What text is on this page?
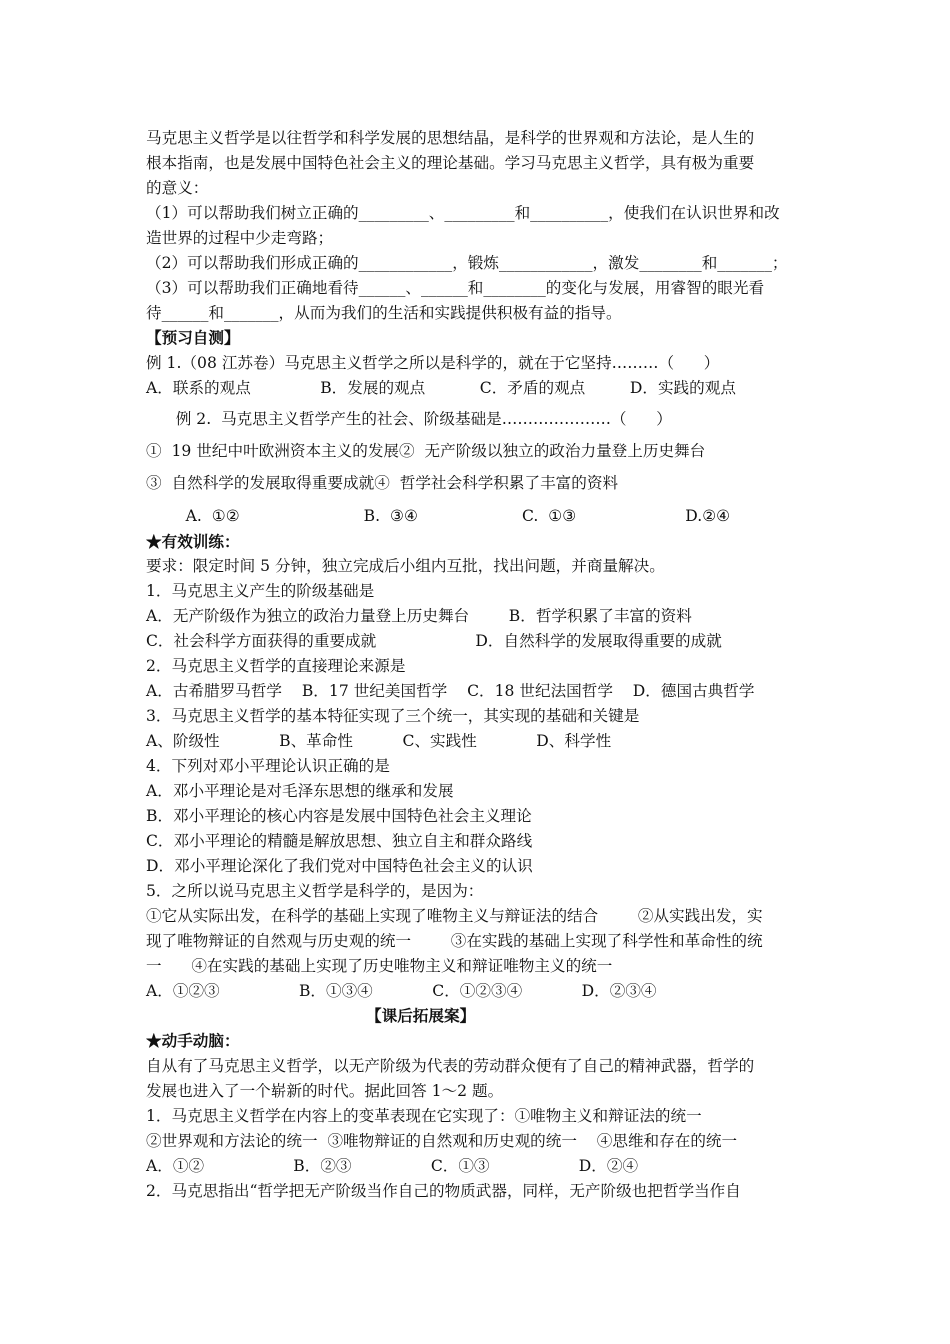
马克思主义哲学是以往哲学和科学发展的思想结晶，是科学的世界观和方法论，是人生的
根本指南，也是发展中国特色社会主义的理论基础。学习马克思主义哲学，具有极为重要
的意义：
（1）可以帮助我们树立正确的_________、_________和__________，使我们在认识世界和改
造世界的过程中少走弯路；
（2）可以帮助我们形成正确的____________，锻炼____________，激发________和_______；
（3）可以帮助我们正确地看待______、______和________的变化与发展，用睿智的眼光看
待______和_______，从而为我们的生活和实践提供积极有益的指导。
【预习自测】
例 1.（08 江苏卷）马克思主义哲学之所以是科学的，就在于它坚持………（      ）
A．联系的观点              B．发展的观点           C．矛盾的观点         D．实践的观点
例 2.  马克思主义哲学产生的社会、阶级基础是…………………（      ）
①  19 世纪中叶欧洲资本主义的发展②  无产阶级以独立的政治力量登上历史舞台
③  自然科学的发展取得重要成就④  哲学社会科学积累了丰富的资料
A.  ①②                         B.  ③④                     C.  ①③                      D.②④
★有效训练：
要求：限定时间 5 分钟，独立完成后小组内互批，找出问题，并商量解决。
1．马克思主义产生的阶级基础是
A．无产阶级作为独立的政治力量登上历史舞台        B．哲学积累了丰富的资料
C．社会科学方面获得的重要成就                    D．自然科学的发展取得重要的成就
2．马克思主义哲学的直接理论来源是
A．古希腊罗马哲学    B．17 世纪美国哲学    C．18 世纪法国哲学    D．德国古典哲学
3．马克思主义哲学的基本特征实现了三个统一，其实现的基础和关键是
A、阶级性            B、革命性          C、实践性            D、科学性
4．下列对邓小平理论认识正确的是
A．邓小平理论是对毛泽东思想的继承和发展
B．邓小平理论的核心内容是发展中国特色社会主义理论
C．邓小平理论的精髓是解放思想、独立自主和群众路线
D．邓小平理论深化了我们党对中国特色社会主义的认识
5．之所以说马克思主义哲学是科学的，是因为：
①它从实际出发，在科学的基础上实现了唯物主义与辩证法的结合        ②从实践出发，实
现了唯物辩证的自然观与历史观的统一        ③在实践的基础上实现了科学性和革命性的统
一      ④在实践的基础上实现了历史唯物主义和辩证唯物主义的统一
A．①②③                B．①③④            C．①②③④            D．②③④
【课后拓展案】
★动手动脑：
自从有了马克思主义哲学，以无产阶级为代表的劳动群众便有了自己的精神武器，哲学的
发展也进入了一个崭新的时代。据此回答 1～2 题。
1．马克思主义哲学在内容上的变革表现在它实现了：①唯物主义和辩证法的统一
②世界观和方法论的统一  ③唯物辩证的自然观和历史观的统一    ④思维和存在的统一
A．①②                  B．②③                C．①③                  D．②④
2．马克思指出“哲学把无产阶级当作自己的物质武器，同样，无产阶级也把哲学当作自
